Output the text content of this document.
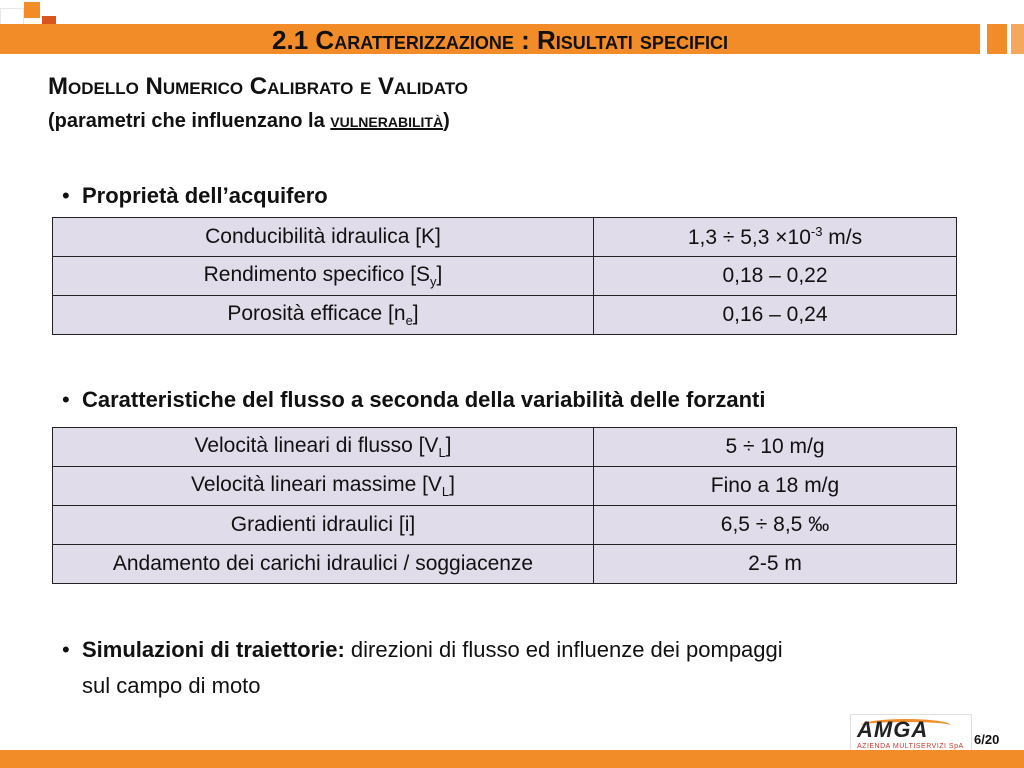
2.1 Caratterizzazione : Risultati specifici
Modello Numerico Calibrato e Validato
(parametri che influenzano la vulnerabilità)
• Proprietà dell’acquifero
Conducibilità idraulica [K]	$1,3 \div 5,3 \times 10^{-3}$ m/s
Rendimento specifico $[S_y]$	0,18 – 0,22
Porosità efficace $[n_e]$	0,16 – 0,24
• Caratteristiche del flusso a seconda della variabilità delle forzanti
Velocità lineari di flusso $[V_L]$	5 ÷ 10 m/g
Velocità lineari massime $[V_L]$	Fino a 18 m/g
Gradienti idraulici [i]	6,5 ÷ 8,5 ‰
Andamento dei carichi idraulici / soggiacenze	2-5 m
• Simulazioni di traiettorie: direzioni di flusso ed influenze dei pompaggi
sul campo di moto
AMGA
AZIENDA MULTISERVIZI SpA 6/20
